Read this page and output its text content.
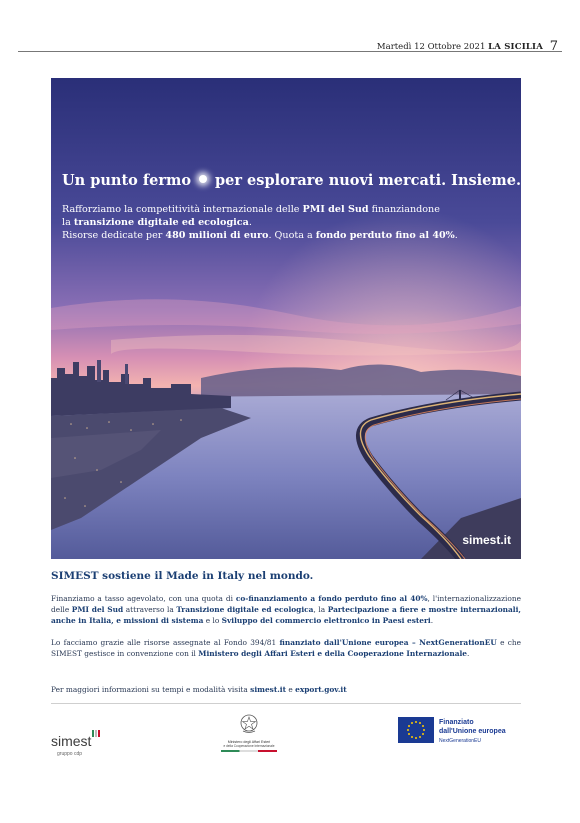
Martedì 12 Ottobre 2021 LA SICILIA 7
Un punto fermo per esplorare nuovi mercati. Insieme.
Rafforziamo la competitività internazionale delle PMI del Sud finanziandone
la transizione digitale ed ecologica.
Risorse dedicate per 480 milioni di euro. Quota a fondo perduto fino al 40%.
simest.it
SIMEST sostiene il Made in Italy nel mondo.
Finanziamo a tasso agevolato, con una quota di co-finanziamento a fondo perduto fino al 40%, l'internazionalizzazione delle PMI del Sud attraverso la Transizione digitale ed ecologica, la Partecipazione a fiere e mostre internazionali, anche in Italia, e missioni di sistema e lo Sviluppo del commercio elettronico in Paesi esteri.
Lo facciamo grazie alle risorse assegnate al Fondo 394/81 finanziato dall'Unione europea – NextGenerationEU e che SIMEST gestisce in convenzione con il Ministero degli Affari Esteri e della Cooperazione Internazionale.
Per maggiori informazioni su tempi e modalità visita simest.it e export.gov.it
simest
gruppo cdp
Ministero degli Affari Esteri
e della Cooperazione Internazionale
Finanziato
dall'Unione europea
NextGenerationEU
